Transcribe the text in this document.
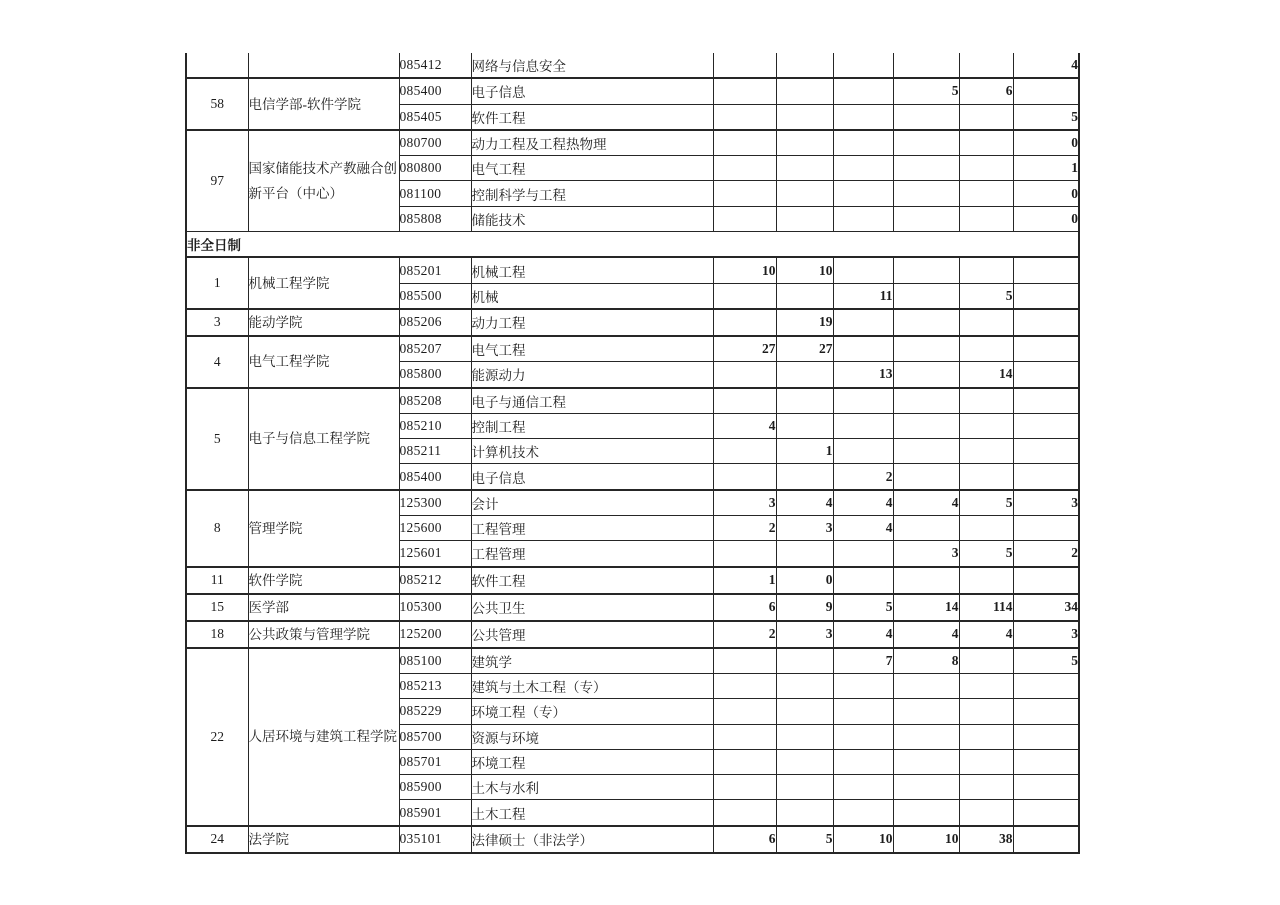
		085412	网络与信息安全						4
58	电信学部-软件学院	085400	电子信息				5	6	
		085405	软件工程						5
97	国家储能技术产教融合创新平台（中心）	080700	动力工程及工程热物理						0
		080800	电气工程						1
		081100	控制科学与工程						0
		085808	储能技术						0
非全日制									
1	机械工程学院	085201	机械工程	10	10				
		085500	机械			11		5	
3	能动学院	085206	动力工程		19				
4	电气工程学院	085207	电气工程	27	27				
		085800	能源动力			13		14	
5	电子与信息工程学院	085208	电子与通信工程						
		085210	控制工程	4					
		085211	计算机技术		1				
		085400	电子信息			2			
8	管理学院	125300	会计	3	4	4	4	5	3
		125600	工程管理	2	3	4			
		125601	工程管理				3	5	2
11	软件学院	085212	软件工程	1	0				
15	医学部	105300	公共卫生	6	9	5	14	114	34
18	公共政策与管理学院	125200	公共管理	2	3	4	4	4	3
22	人居环境与建筑工程学院	085100	建筑学			7	8		5
		085213	建筑与土木工程（专）						
		085229	环境工程（专）						
		085700	资源与环境						
		085701	环境工程						
		085900	土木与水利						
		085901	土木工程						
24	法学院	035101	法律硕士（非法学）	6	5	10	10	38	
